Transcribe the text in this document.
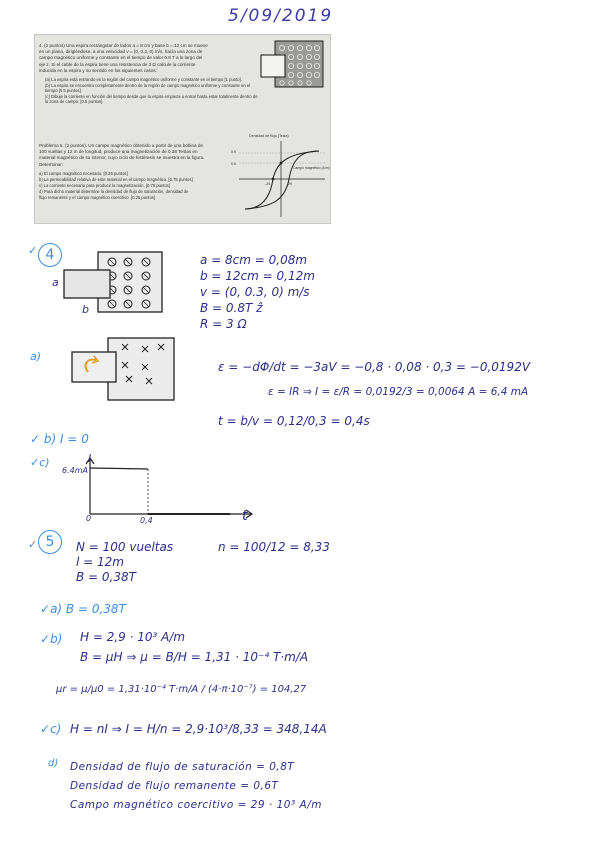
5/09/2019
4. (2 puntos) Una espira rectangular de lados a = 8 cm y base b = 12 cm se mueve
en un plano, dirigiéndose, a una velocidad v = (0, 0.3, 0) m/s, hacia una zona de
campo magnético uniforme y constante en el tiempo de valor 0.8 T a lo largo del
eje z. Si el cable de la espira tiene una resistencia de 3 Ω calcule la corriente
inducida en la espira y su sentido en los siguientes casos:
(a) La espira está entrando en la región del campo magnético uniforme y constante en el tiempo [1 punto].
(b) La espira se encuentra completamente dentro de la región de campo magnético uniforme y constante en el
tiempo [0.5 puntos].
(c) Dibuje la corriente en función del tiempo desde que la espira empieza a entrar hasta estar totalmente dentro de
la zona de campo. [0.5 puntos].
Problema 5. (2 puntos). Un campo magnético obtenido a partir de una bobina de
100 vueltas y 12 m de longitud, produce una magnetización de 0.38 Teslas en
material magnético de su interior, cuyo ciclo de histéresis se muestra en la figura.
Determinar:
a) El campo magnético necesario. [0.25 puntos]
b) La permeabilidad relativa de este material en el campo magnético. [0.75 puntos]
c) La corriente necesaria para producir la magnetización. [0.75 puntos]
d) Para dicho material determine la densidad de flujo de saturación, densidad de
flujo remanente y el campo magnético coercitivo. [0.25 puntos]
Densidad de flujo (Tesla)
0.9
0.6
-29	29
Campo magnético (A/m)
✓ 4
a
b
a = 8cm = 0,08m
b = 12cm = 0,12m
v = (0, 0.3, 0) m/s
B = 0.8T ẑ
R = 3 Ω
a)
ε = −dΦ/dt = −3aV = −0,8 · 0,08 · 0,3 = −0,0192V
ε = IR ⇒ I = ε/R = 0,0192/3 = 0,0064 A = 6,4 mA
t = b/v = 0,12/0,3 = 0,4s
✓ b) I = 0
✓c)	I
6.4mA
0	0,4	t
✓ 5	N = 100 vueltas
l = 12m
B = 0,38T
n = 100/12 = 8,33
✓a) B = 0,38T
✓b) H = 2,9 · 10³ A/m
B = μH ⇒ μ = B/H = 1,31 · 10⁻⁴ T·m/A
μr = μ/μ0 = 1,31·10⁻⁴ T·m/A / (4·π·10⁻⁷) = 104,27
✓c) H = nI ⇒ I = H/n = 2,9·10³/8,33 = 348,14A
d) Densidad de flujo de saturación = 0,8T
Densidad de flujo remanente = 0,6T
Campo magnético coercitivo = 29 · 10³ A/m
